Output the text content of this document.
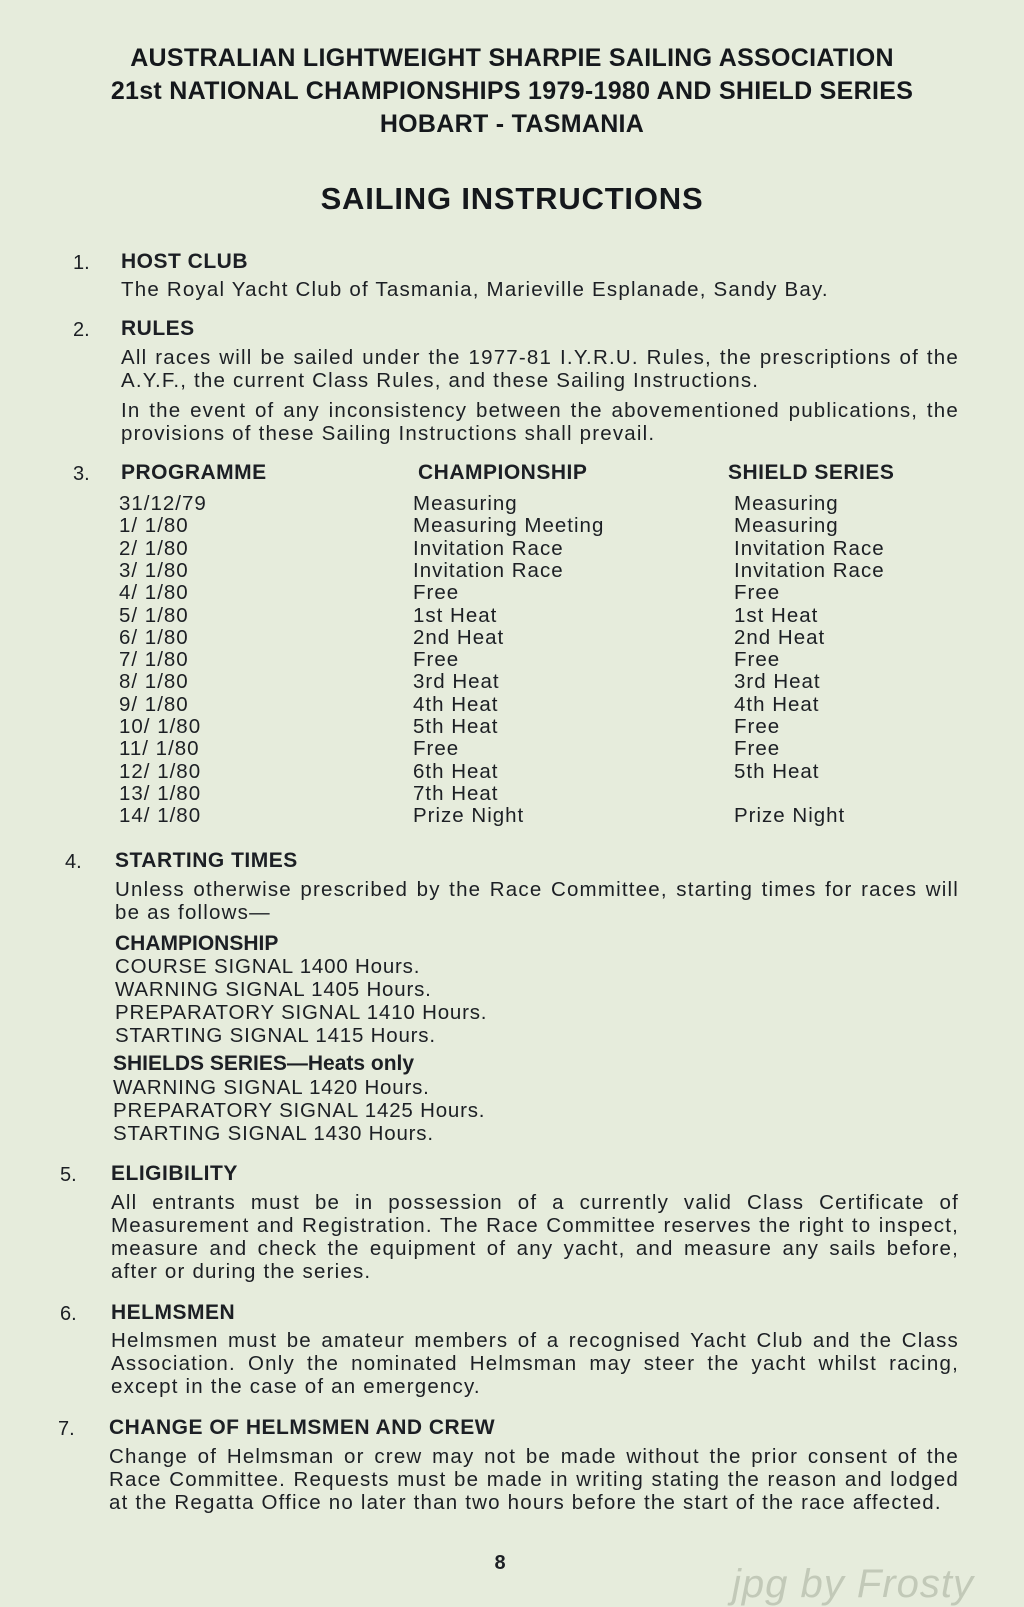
AUSTRALIAN LIGHTWEIGHT SHARPIE SAILING ASSOCIATION
21st NATIONAL CHAMPIONSHIPS 1979-1980 AND SHIELD SERIES
HOBART - TASMANIA
SAILING INSTRUCTIONS
1. HOST CLUB

The Royal Yacht Club of Tasmania, Marieville Esplanade, Sandy Bay.

2. RULES

All races will be sailed under the 1977-81 I.Y.R.U. Rules, the prescriptions of the A.Y.F., the current Class Rules, and these Sailing Instructions.

In the event of any inconsistency between the abovementioned publications, the provisions of these Sailing Instructions shall prevail.

3. PROGRAMME	CHAMPIONSHIP	SHIELD SERIES
31/12/79	Measuring	Measuring
1/ 1/80	Measuring Meeting	Measuring
2/ 1/80	Invitation Race	Invitation Race
3/ 1/80	Invitation Race	Invitation Race
4/ 1/80	Free	Free
5/ 1/80	1st Heat	1st Heat
6/ 1/80	2nd Heat	2nd Heat
7/ 1/80	Free	Free
8/ 1/80	3rd Heat	3rd Heat
9/ 1/80	4th Heat	4th Heat
10/ 1/80	5th Heat	Free
11/ 1/80	Free	Free
12/ 1/80	6th Heat	5th Heat
13/ 1/80	7th Heat
14/ 1/80	Prize Night	Prize Night
4. STARTING TIMES

Unless otherwise prescribed by the Race Committee, starting times for races will be as follows—

CHAMPIONSHIP
COURSE SIGNAL 1400 Hours.
WARNING SIGNAL 1405 Hours.
PREPARATORY SIGNAL 1410 Hours.
STARTING SIGNAL 1415 Hours.
SHIELDS SERIES—Heats only
WARNING SIGNAL 1420 Hours.
PREPARATORY SIGNAL 1425 Hours.
STARTING SIGNAL 1430 Hours.
5. ELIGIBILITY

All entrants must be in possession of a currently valid Class Certificate of Measurement and Registration. The Race Committee reserves the right to inspect, measure and check the equipment of any yacht, and measure any sails before, after or during the series.

6. HELMSMEN

Helmsmen must be amateur members of a recognised Yacht Club and the Class Association. Only the nominated Helmsman may steer the yacht whilst racing, except in the case of an emergency.

7. CHANGE OF HELMSMEN AND CREW

Change of Helmsman or crew may not be made without the prior consent of the Race Committee. Requests must be made in writing stating the reason and lodged at the Regatta Office no later than two hours before the start of the race affected.

8	jpg by Frosty
